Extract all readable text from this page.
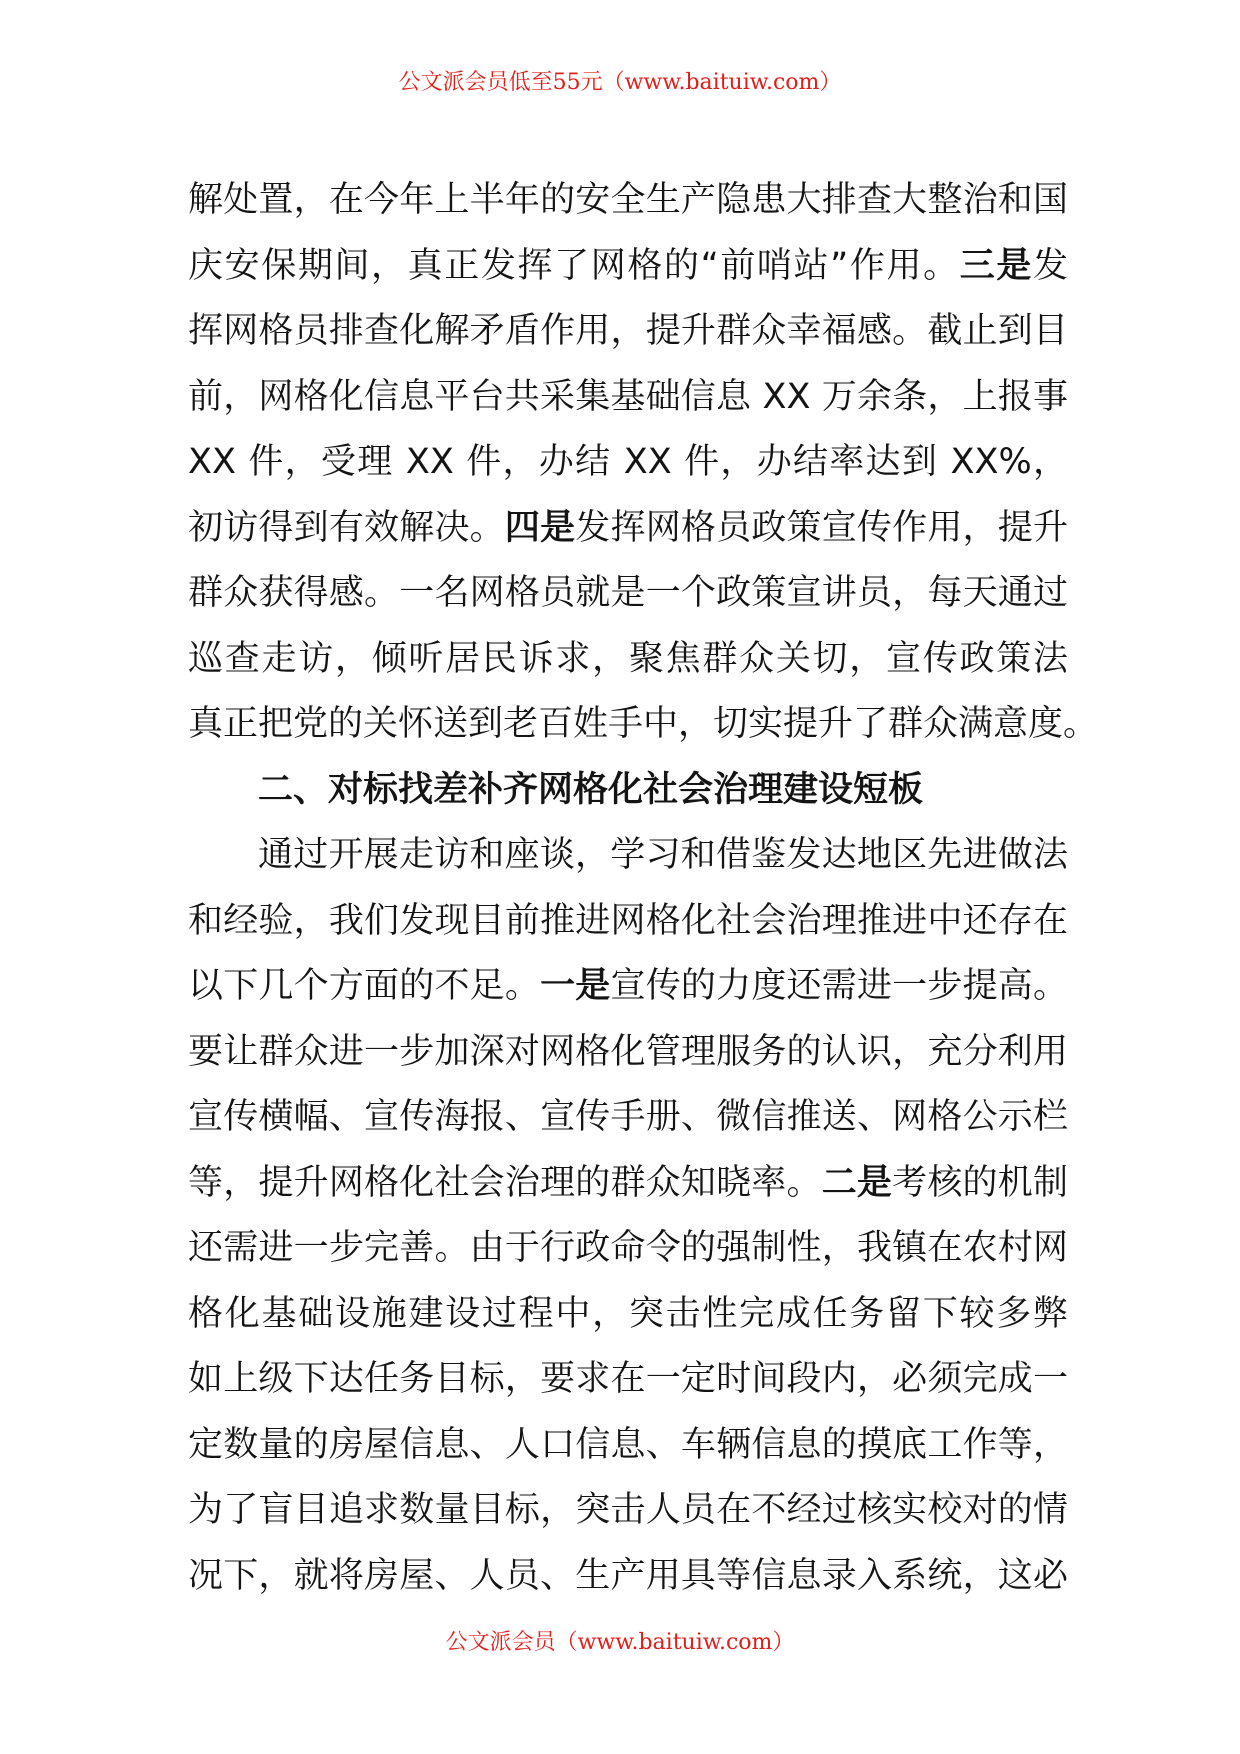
公文派会员低至55元（www.baituiw.com）
解处置，在今年上半年的安全生产隐患大排查大整治和国
庆安保期间，真正发挥了网格的“前哨站”作用。三是发
挥网格员排查化解矛盾作用，提升群众幸福感。截止到目
前，网格化信息平台共采集基础信息 XX 万余条，上报事
XX 件，受理 XX 件，办结 XX 件，办结率达到 XX%，
初访得到有效解决。四是发挥网格员政策宣传作用，提升
群众获得感。一名网格员就是一个政策宣讲员，每天通过
巡查走访，倾听居民诉求，聚焦群众关切，宣传政策法
真正把党的关怀送到老百姓手中，切实提升了群众满意度。
二、对标找差补齐网格化社会治理建设短板
通过开展走访和座谈，学习和借鉴发达地区先进做法
和经验，我们发现目前推进网格化社会治理推进中还存在
以下几个方面的不足。一是宣传的力度还需进一步提高。
要让群众进一步加深对网格化管理服务的认识，充分利用
宣传横幅、宣传海报、宣传手册、微信推送、网格公示栏
等，提升网格化社会治理的群众知晓率。二是考核的机制
还需进一步完善。由于行政命令的强制性，我镇在农村网
格化基础设施建设过程中，突击性完成任务留下较多弊
如上级下达任务目标，要求在一定时间段内，必须完成一
定数量的房屋信息、人口信息、车辆信息的摸底工作等，
为了盲目追求数量目标，突击人员在不经过核实校对的情
况下，就将房屋、人员、生产用具等信息录入系统，这必
公文派会员（www.baituiw.com）
